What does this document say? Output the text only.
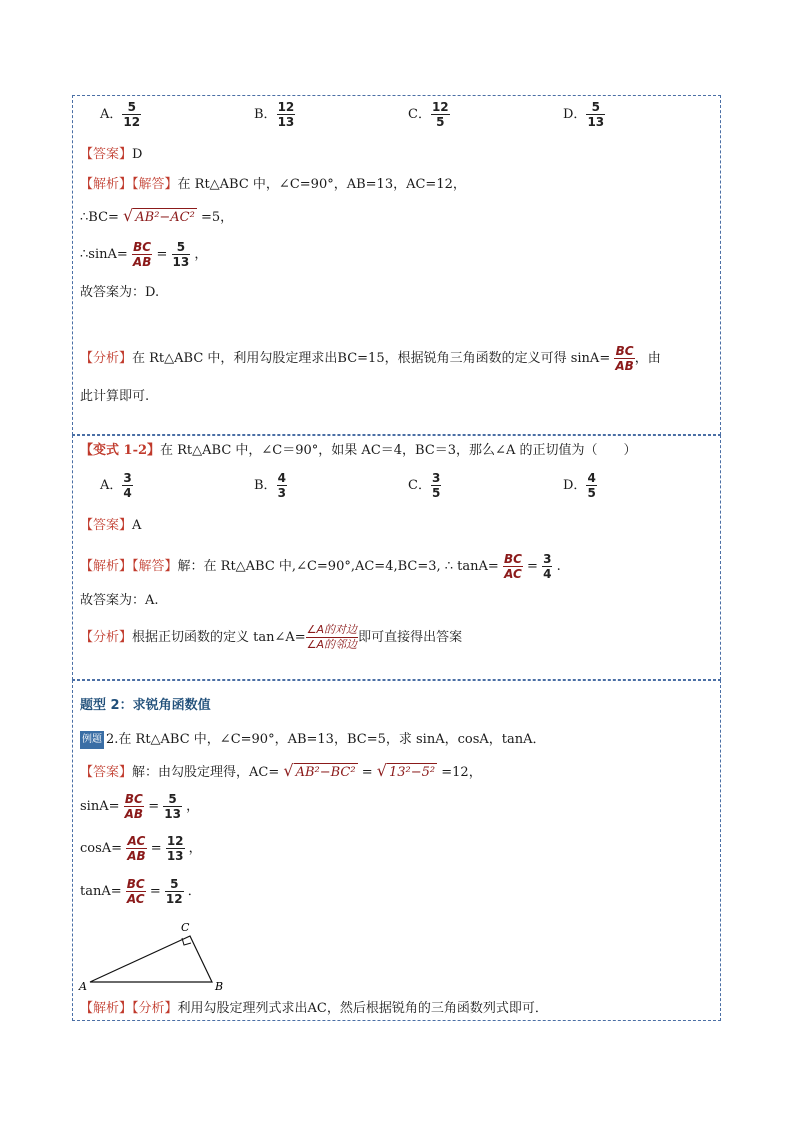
A． $\frac{5}{12}$	B． $\frac{12}{13}$	C． $\frac{12}{5}$	D． $\frac{5}{13}$
【答案】D
【解析】【解答】在 Rt△ABC 中，∠C=90°，AB=13，AC=12，
∴BC= √ AB²−AC² =5，
∴sinA= $\frac{BC}{AB} = \frac{5}{13}$ ，
故答案为：D.
【分析】在 Rt△ABC 中，利用勾股定理求出BC=15，根据锐角三角函数的定义可得 $\sin A= \frac{BC}{AB}$ ，由
此计算即可.
【变式 1-2】在 Rt△ABC 中，∠C＝90°，如果 AC＝4，BC＝3，那么∠A 的正切值为（　　）
A． $\frac{3}{4}$	B． $\frac{4}{3}$	C． $\frac{3}{5}$	D． $\frac{4}{5}$
【答案】A
【解析】【解答】解：在 Rt△ABC 中,∠C=90°,AC=4,BC=3, ∴ $\tan A= \frac{BC}{AC} = \frac{3}{4}$ .
故答案为：A.
【分析】根据正切函数的定义 tan∠A= $\frac{\text{∠A的对边}}{\text{∠A的邻边}}$ 即可直接得出答案
题型 2：求锐角函数值
例题 2.在 Rt△ABC 中，∠C=90°，AB=13，BC=5，求 sinA，cosA，tanA．
【答案】解：由勾股定理得，AC= √ AB²−BC² = √ 13²−5² =12，
$\sin A= \frac{BC}{AB} = \frac{5}{13}$ ，
$\cos A= \frac{AC}{AB} = \frac{12}{13}$ ，
$\tan A= \frac{BC}{AC} = \frac{5}{12}$ ．
C
A	B
【解析】【分析】利用勾股定理列式求出AC，然后根据锐角的三角函数列式即可．
